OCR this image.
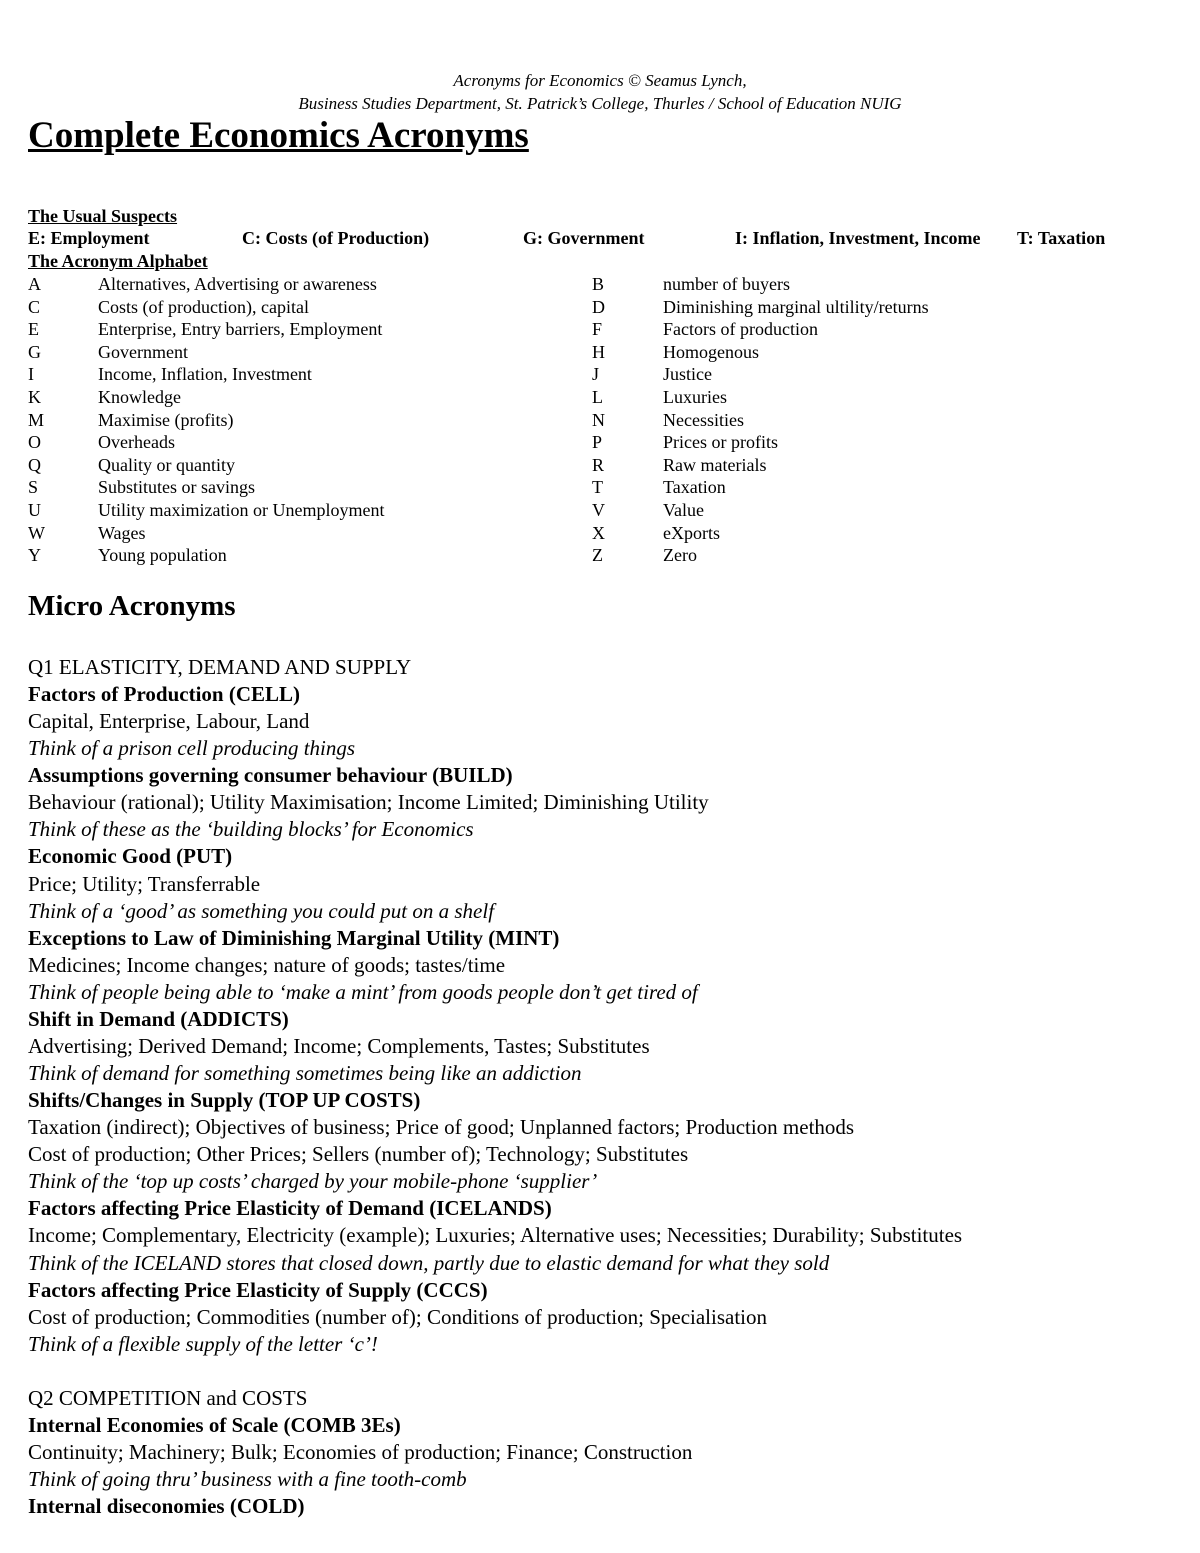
Acronyms for Economics © Seamus Lynch,
Business Studies Department, St. Patrick’s College, Thurles / School of Education NUIG
Complete Economics Acronyms
The Usual Suspects
E: Employment	C: Costs (of Production)	G: Government	I: Inflation, Investment, Income T: Taxation
The Acronym Alphabet
A	Alternatives, Advertising or awareness	B	number of buyers
C	Costs (of production), capital	D	Diminishing marginal ultility/returns
E	Enterprise, Entry barriers, Employment	F	Factors of production
G	Government	H	Homogenous
I	Income, Inflation, Investment	J	Justice
K	Knowledge	L	Luxuries
M	Maximise (profits)	N	Necessities
O	Overheads	P	Prices or profits
Q	Quality or quantity	R	Raw materials
S	Substitutes or savings	T	Taxation
U	Utility maximization or Unemployment	V	Value
W	Wages	X	eXports
Y	Young population	Z	Zero
Micro Acronyms
Q1 ELASTICITY, DEMAND AND SUPPLY
Factors of Production (CELL)
Capital, Enterprise, Labour, Land
Think of a prison cell producing things
Assumptions governing consumer behaviour (BUILD)
Behaviour (rational); Utility Maximisation; Income Limited; Diminishing Utility
Think of these as the ‘building blocks’ for Economics
Economic Good (PUT)
Price; Utility; Transferrable
Think of a ‘good’ as something you could put on a shelf
Exceptions to Law of Diminishing Marginal Utility (MINT)
Medicines; Income changes; nature of goods; tastes/time
Think of people being able to ‘make a mint’ from goods people don’t get tired of
Shift in Demand (ADDICTS)
Advertising; Derived Demand; Income; Complements, Tastes; Substitutes
Think of demand for something sometimes being like an addiction
Shifts/Changes in Supply (TOP UP COSTS)
Taxation (indirect); Objectives of business; Price of good; Unplanned factors; Production methods
Cost of production; Other Prices; Sellers (number of); Technology; Substitutes
Think of the ‘top up costs’ charged by your mobile-phone ‘supplier’
Factors affecting Price Elasticity of Demand (ICELANDS)
Income; Complementary, Electricity (example); Luxuries; Alternative uses; Necessities; Durability; Substitutes
Think of the ICELAND stores that closed down, partly due to elastic demand for what they sold
Factors affecting Price Elasticity of Supply (CCCS)
Cost of production; Commodities (number of); Conditions of production; Specialisation
Think of a flexible supply of the letter ‘c’!
Q2 COMPETITION and COSTS
Internal Economies of Scale (COMB 3Es)
Continuity; Machinery; Bulk; Economies of production; Finance; Construction
Think of going thru’ business with a fine tooth-comb
Internal diseconomies (COLD)
